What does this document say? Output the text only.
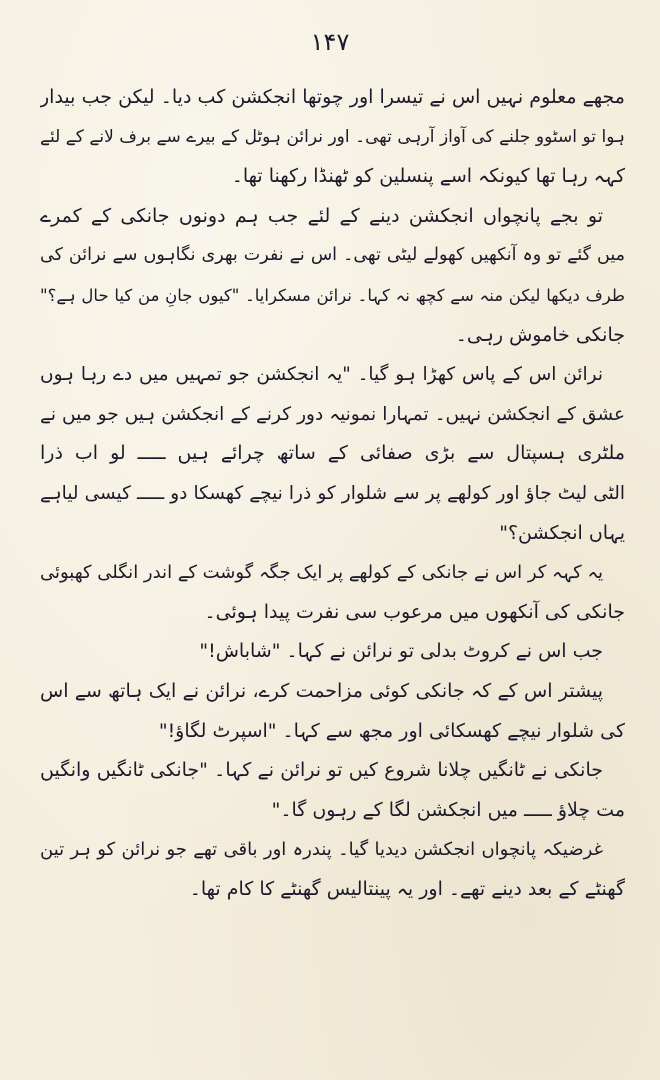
۱۴۷
مجھے معلوم نہیں اس نے تیسرا اور چوتھا انجکشن کب دیا۔ لیکن جب بیدار
ہوا تو اسٹوو جلنے کی آواز آرہی تھی۔ اور نرائن ہوٹل کے بیرے سے برف لانے کے لئے
کہہ رہا تھا کیونکہ اسے پنسلین کو ٹھنڈا رکھنا تھا۔
تو بجے پانچواں انجکشن دینے کے لئے جب ہم دونوں جانکی کے کمرے
میں گئے تو وہ آنکھیں کھولے لیٹی تھی۔ اس نے نفرت بھری نگاہوں سے نرائن کی
طرف دیکھا لیکن منہ سے کچھ نہ کہا۔ نرائن مسکرایا۔ "کیوں جانِ من کیا حال ہے؟"
جانکی خاموش رہی۔
نرائن اس کے پاس کھڑا ہو گیا۔ "یہ انجکشن جو تمہیں میں دے رہا ہوں
عشق کے انجکشن نہیں۔ تمہارا نمونیہ دور کرنے کے انجکشن ہیں جو میں نے
ملٹری ہسپتال سے بڑی صفائی کے ساتھ چرائے ہیں ـــــ لو اب ذرا
الٹی لیٹ جاؤ اور کولھے پر سے شلوار کو ذرا نیچے کھسکا دو ـــــ کیسی لیاہے
یہاں انجکشن؟"
یہ کہہ کر اس نے جانکی کے کولھے پر ایک جگہ گوشت کے اندر انگلی کھبوئی
جانکی کی آنکھوں میں مرعوب سی نفرت پیدا ہوئی۔
جب اس نے کروٹ بدلی تو نرائن نے کہا۔ "شاباش!"
پیشتر اس کے کہ جانکی کوئی مزاحمت کرے، نرائن نے ایک ہاتھ سے اس
کی شلوار نیچے کھسکائی اور مجھ سے کہا۔ "اسپرٹ لگاؤ!"
جانکی نے ٹانگیں چلانا شروع کیں تو نرائن نے کہا۔ "جانکی ٹانگیں وانگیں
مت چلاؤ ـــــ میں انجکشن لگا کے رہوں گا۔"
غرضیکہ پانچواں انجکشن دیدیا گیا۔ پندرہ اور باقی تھے جو نرائن کو ہر تین
گھنٹے کے بعد دینے تھے۔ اور یہ پینتالیس گھنٹے کا کام تھا۔
